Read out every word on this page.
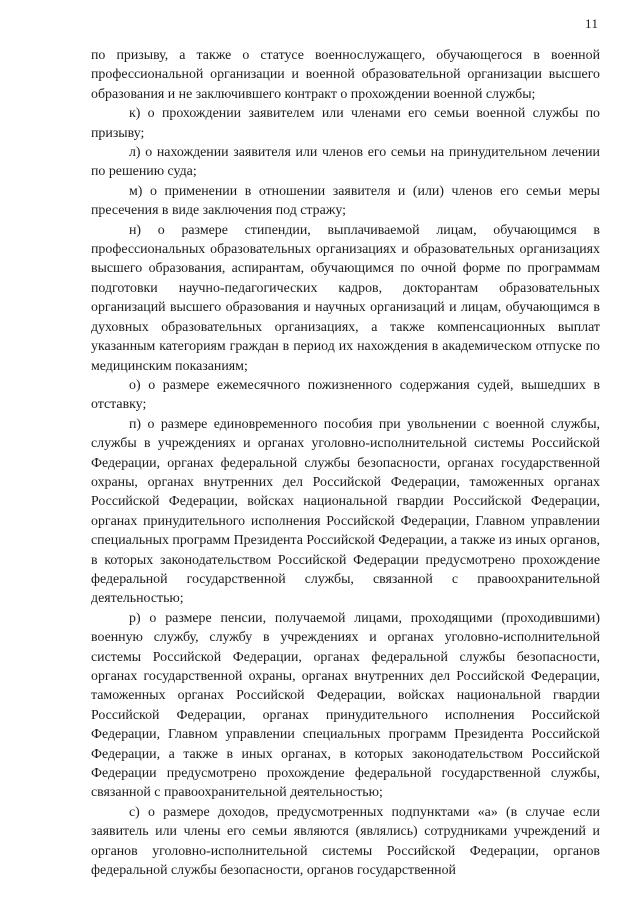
11

по призыву, а также о статусе военнослужащего, обучающегося в военной профессиональной организации и военной образовательной организации высшего образования и не заключившего контракт о прохождении военной службы;

к) о прохождении заявителем или членами его семьи военной службы по призыву;

л) о нахождении заявителя или членов его семьи на принудительном лечении по решению суда;

м) о применении в отношении заявителя и (или) членов его семьи меры пресечения в виде заключения под стражу;

н) о размере стипендии, выплачиваемой лицам, обучающимся в профессиональных образовательных организациях и образовательных организациях высшего образования, аспирантам, обучающимся по очной форме по программам подготовки научно-педагогических кадров, докторантам образовательных организаций высшего образования и научных организаций и лицам, обучающимся в духовных образовательных организациях, а также компенсационных выплат указанным категориям граждан в период их нахождения в академическом отпуске по медицинским показаниям;

о) о размере ежемесячного пожизненного содержания судей, вышедших в отставку;

п) о размере единовременного пособия при увольнении с военной службы, службы в учреждениях и органах уголовно-исполнительной системы Российской Федерации, органах федеральной службы безопасности, органах государственной охраны, органах внутренних дел Российской Федерации, таможенных органах Российской Федерации, войсках национальной гвардии Российской Федерации, органах принудительного исполнения Российской Федерации, Главном управлении специальных программ Президента Российской Федерации, а также из иных органов, в которых законодательством Российской Федерации предусмотрено прохождение федеральной государственной службы, связанной с правоохранительной деятельностью;

р) о размере пенсии, получаемой лицами, проходящими (проходившими) военную службу, службу в учреждениях и органах уголовно-исполнительной системы Российской Федерации, органах федеральной службы безопасности, органах государственной охраны, органах внутренних дел Российской Федерации, таможенных органах Российской Федерации, войсках национальной гвардии Российской Федерации, органах принудительного исполнения Российской Федерации, Главном управлении специальных программ Президента Российской Федерации, а также в иных органах, в которых законодательством Российской Федерации предусмотрено прохождение федеральной государственной службы, связанной с правоохранительной деятельностью;

с) о размере доходов, предусмотренных подпунктами «а» (в случае если заявитель или члены его семьи являются (являлись) сотрудниками учреждений и органов уголовно-исполнительной системы Российской Федерации, органов федеральной службы безопасности, органов государственной
